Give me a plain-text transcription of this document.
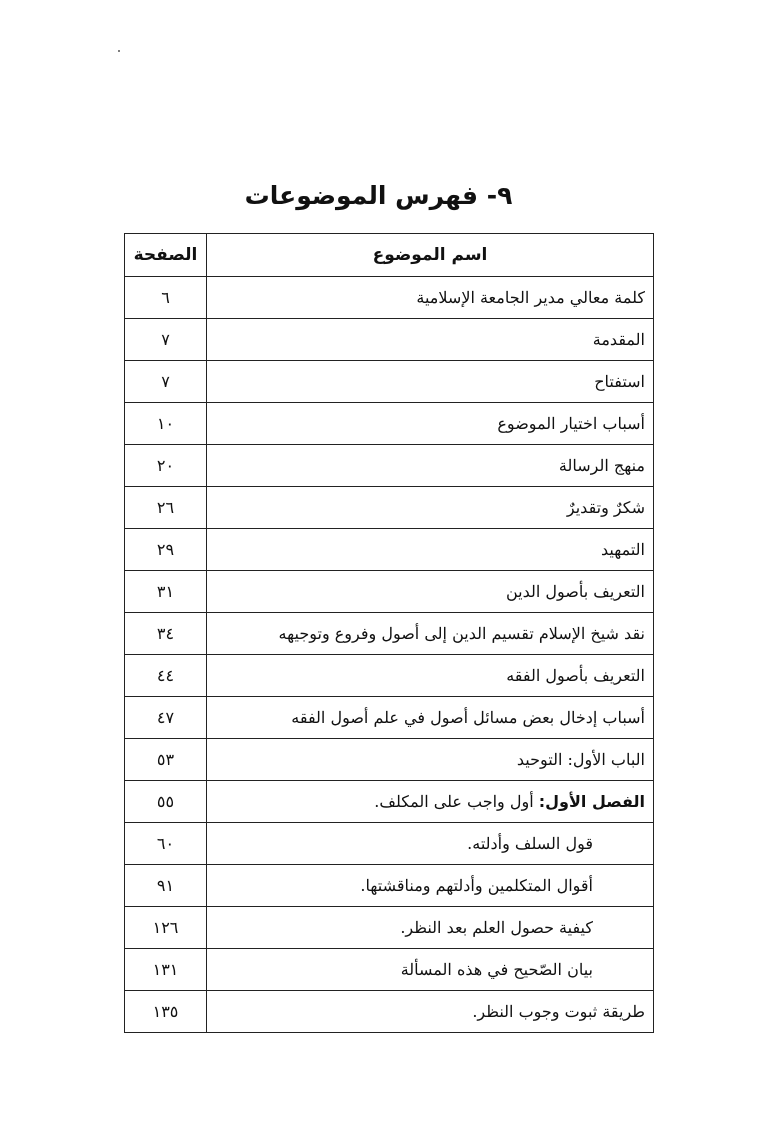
٩- فهرس الموضوعات
اسم الموضوع	الصفحة
كلمة معالي مدير الجامعة الإسلامية	٦
المقدمة	٧
استفتاح	٧
أسباب اختيار الموضوع	١٠
منهج الرسالة	٢٠
شكرٌ وتقديرٌ	٢٦
التمهيد	٢٩
التعريف بأصول الدين	٣١
نقد شيخ الإسلام تقسيم الدين إلى أصول وفروع وتوجيهه	٣٤
التعريف بأصول الفقه	٤٤
أسباب إدخال بعض مسائل أصول في علم أصول الفقه	٤٧
الباب الأول: التوحيد	٥٣
الفصل الأول: أول واجب على المكلف.	٥٥
قول السلف وأدلته.	٦٠
أقوال المتكلمين وأدلتهم ومناقشتها.	٩١
كيفية حصول العلم بعد النظر.	١٢٦
بيان الصّحيح في هذه المسألة	١٣١
طريقة ثبوت وجوب النظر.	١٣٥
